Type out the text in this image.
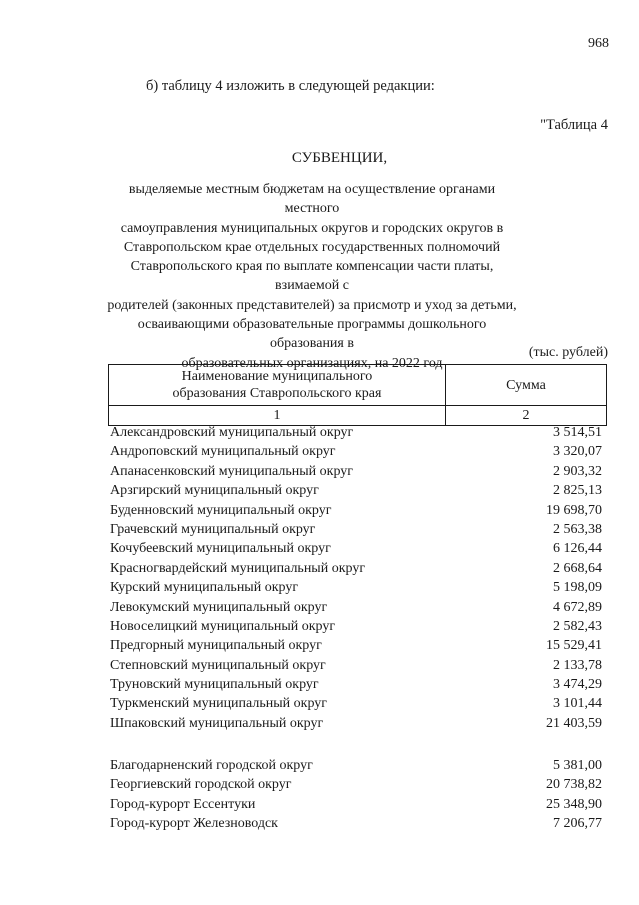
968
б) таблицу 4 изложить в следующей редакции:
"Таблица 4
СУБВЕНЦИИ,
выделяемые местным бюджетам на осуществление органами местного
самоуправления муниципальных округов и городских округов в
Ставропольском крае отдельных государственных полномочий
Ставропольского края по выплате компенсации части платы, взимаемой с
родителей (законных представителей) за присмотр и уход за детьми,
осваивающими образовательные программы дошкольного образования в
образовательных организациях, на 2022 год
(тыс. рублей)
Наименование муниципального
образования Ставропольского края	Сумма
1	2
Александровский муниципальный округ	3 514,51
Андроповский муниципальный округ	3 320,07
Апанасенковский муниципальный округ	2 903,32
Арзгирский муниципальный округ	2 825,13
Буденновский муниципальный округ	19 698,70
Грачевский муниципальный округ	2 563,38
Кочубеевский муниципальный округ	6 126,44
Красногвардейский муниципальный округ	2 668,64
Курский муниципальный округ	5 198,09
Левокумский муниципальный округ	4 672,89
Новоселицкий муниципальный округ	2 582,43
Предгорный муниципальный округ	15 529,41
Степновский муниципальный округ	2 133,78
Труновский муниципальный округ	3 474,29
Туркменский муниципальный округ	3 101,44
Шпаковский муниципальный округ	21 403,59
Благодарненский городской округ	5 381,00
Георгиевский городской округ	20 738,82
Город-курорт Ессентуки	25 348,90
Город-курорт Железноводск	7 206,77
